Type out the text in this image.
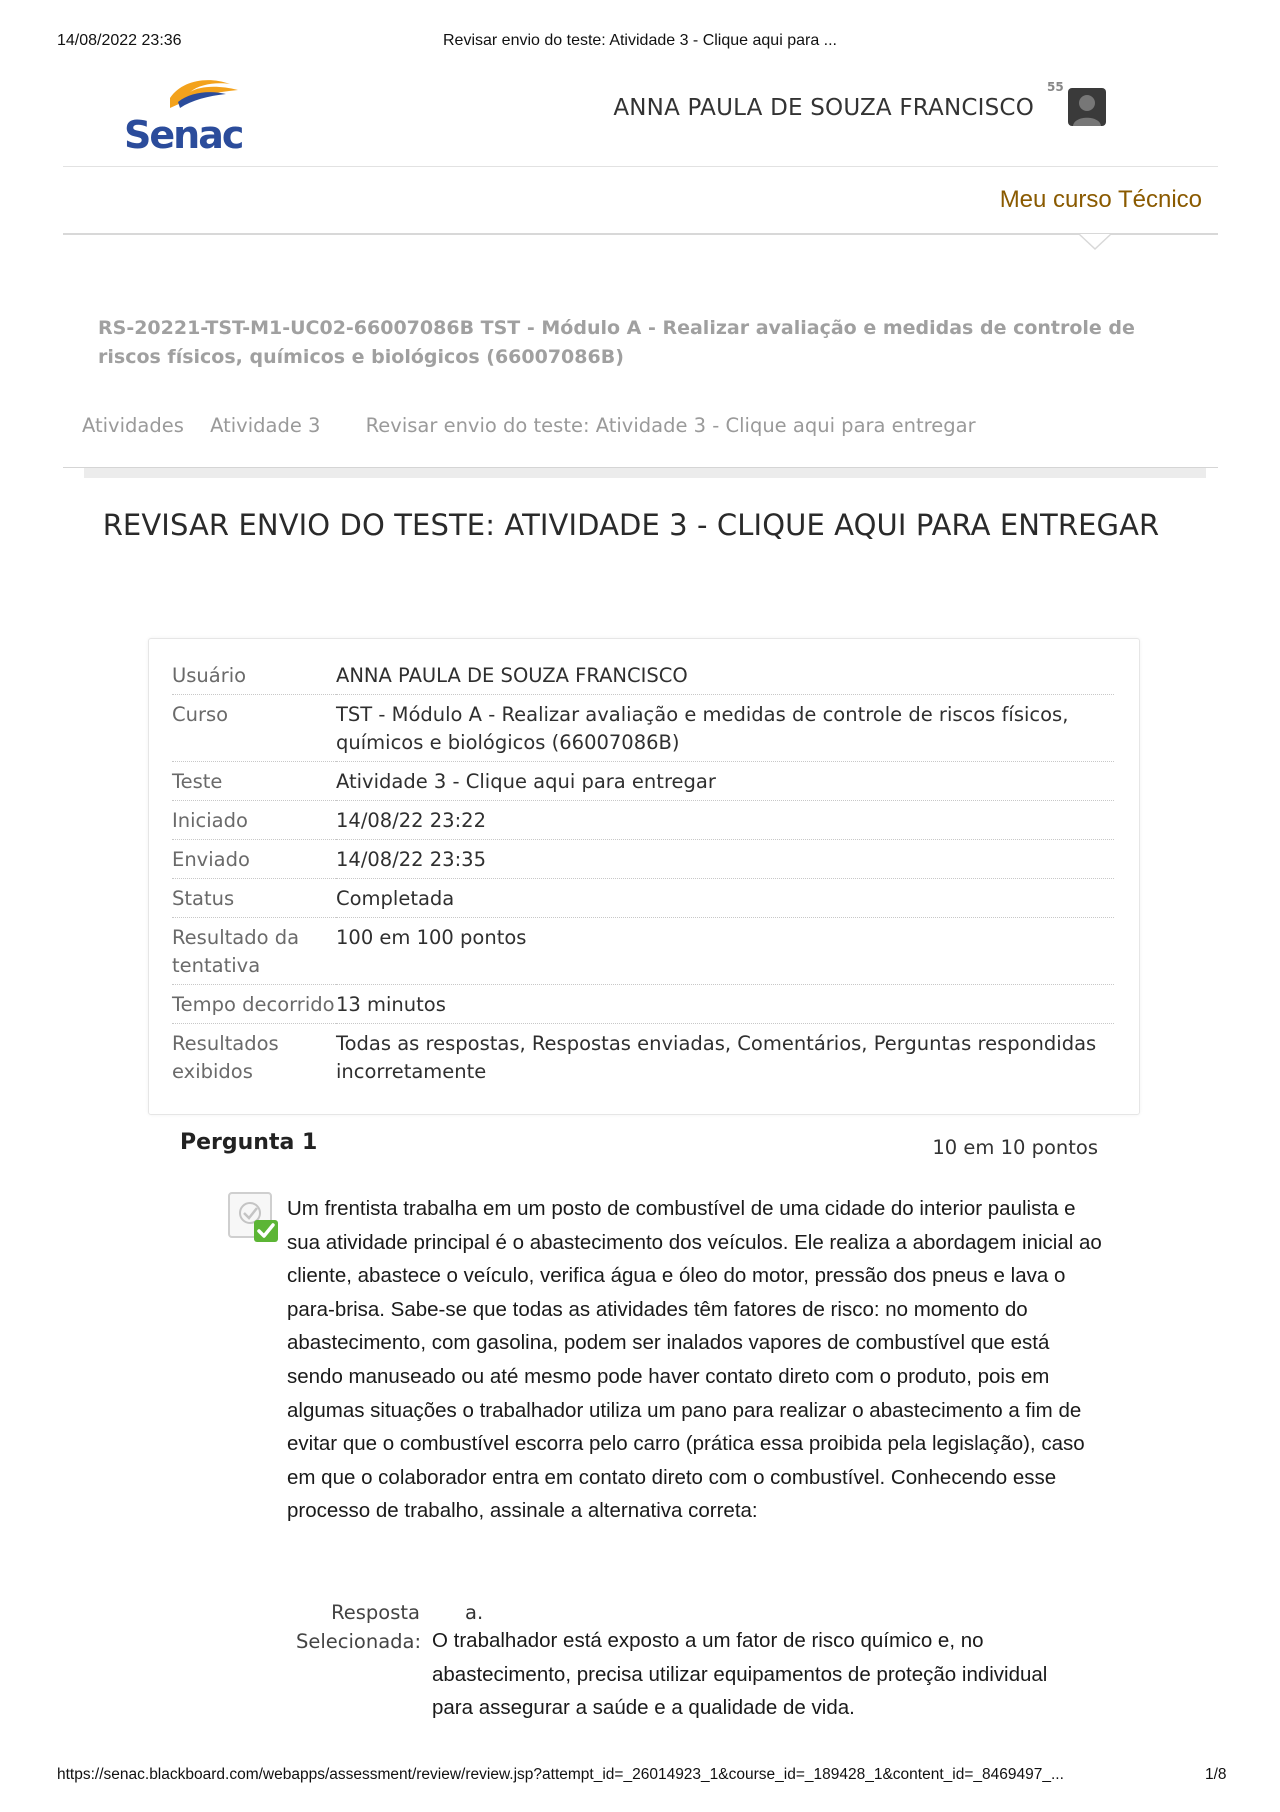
14/08/2022 23:36	Revisar envio do teste: Atividade 3 - Clique aqui para ...
Senac
ANNA PAULA DE SOUZA FRANCISCO
55
Meu curso Técnico
RS-20221-TST-M1-UC02-66007086B TST - Módulo A - Realizar avaliação e medidas de controle de riscos físicos, químicos e biológicos (66007086B)
Atividades Atividade 3 Revisar envio do teste: Atividade 3 - Clique aqui para entregar
REVISAR ENVIO DO TESTE: ATIVIDADE 3 - CLIQUE AQUI PARA ENTREGAR
Usuário	ANNA PAULA DE SOUZA FRANCISCO
Curso	TST - Módulo A - Realizar avaliação e medidas de controle de riscos físicos, químicos e biológicos (66007086B)
Teste	Atividade 3 - Clique aqui para entregar
Iniciado	14/08/22 23:22
Enviado	14/08/22 23:35
Status	Completada
Resultado da tentativa	100 em 100 pontos
Tempo decorrido	13 minutos
Resultados exibidos	Todas as respostas, Respostas enviadas, Comentários, Perguntas respondidas incorretamente
Pergunta 1	10 em 10 pontos
Um frentista trabalha em um posto de combustível de uma cidade do interior paulista e sua atividade principal é o abastecimento dos veículos. Ele realiza a abordagem inicial ao cliente, abastece o veículo, verifica água e óleo do motor, pressão dos pneus e lava o para-brisa. Sabe-se que todas as atividades têm fatores de risco: no momento do abastecimento, com gasolina, podem ser inalados vapores de combustível que está sendo manuseado ou até mesmo pode haver contato direto com o produto, pois em algumas situações o trabalhador utiliza um pano para realizar o abastecimento a fim de evitar que o combustível escorra pelo carro (prática essa proibida pela legislação), caso em que o colaborador entra em contato direto com o combustível. Conhecendo esse processo de trabalho, assinale a alternativa correta:
Resposta Selecionada:
a.
O trabalhador está exposto a um fator de risco químico e, no abastecimento, precisa utilizar equipamentos de proteção individual para assegurar a saúde e a qualidade de vida.
https://senac.blackboard.com/webapps/assessment/review/review.jsp?attempt_id=_26014923_1&course_id=_189428_1&content_id=_8469497_...	1/8
